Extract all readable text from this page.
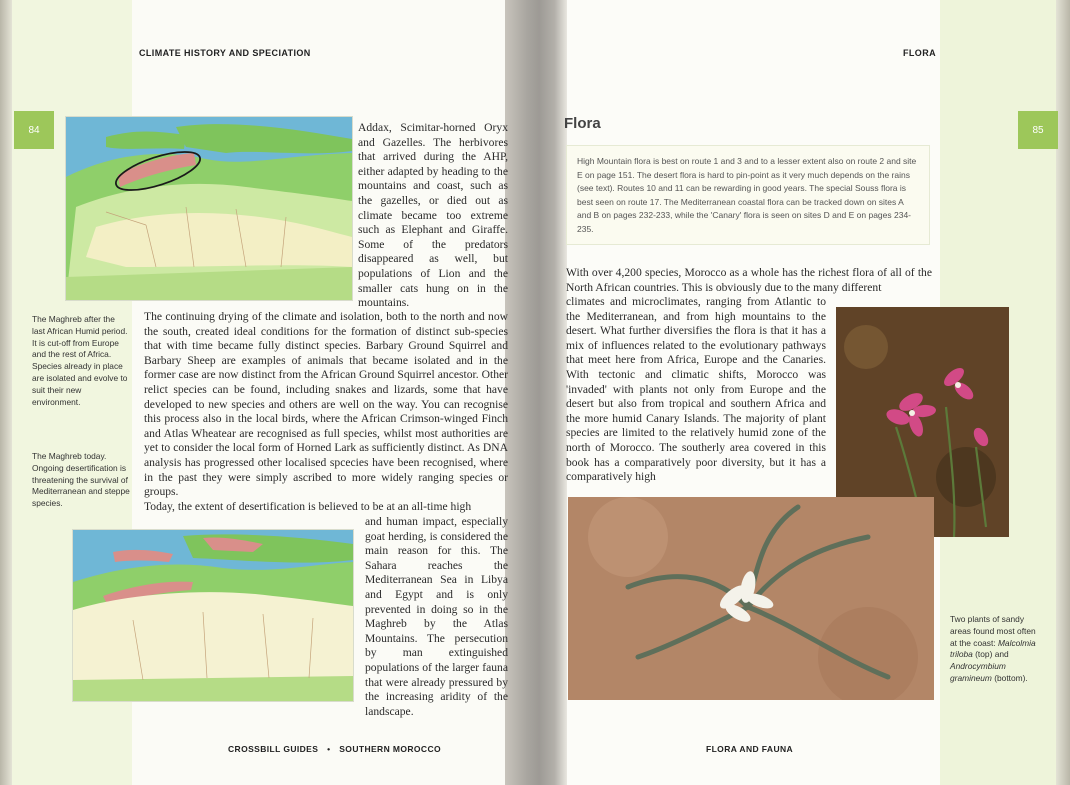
CLIMATE HISTORY AND SPECIATION
84	Addax, Scimitar-horned Oryx and Gazelles. The herbivores that arrived during the AHP, either adapted by heading to the mountains and coast, such as the gazelles, or died out as climate became too extreme such as Elephant and Giraffe. Some of the predators disappeared as well, but populations of Lion and the smaller cats hung on in the mountains.
The Maghreb after the last African Humid period. It is cut-off from Europe and the rest of Africa. Species already in place are isolated and evolve to suit their new environment.
The Maghreb today. Ongoing desertification is threatening the survival of Mediterranean and steppe species.
The continuing drying of the climate and isolation, both to the north and now the south, created ideal conditions for the formation of distinct sub-species that with time became fully distinct species. Barbary Ground Squirrel and Barbary Sheep are examples of animals that became isolated and in the former case are now distinct from the African Ground Squirrel ancestor. Other relict species can be found, including snakes and lizards, some that have developed to new species and others are well on the way. You can recognise this process also in the local birds, where the African Crimson-winged Finch and Atlas Wheatear are recognised as full species, whilst most authorities are yet to consider the local form of Horned Lark as sufficiently distinct. As DNA analysis has progressed other localised spcecies have been recognised, where in the past they were simply ascribed to more widely ranging species or groups.
Today, the extent of desertification is believed to be at an all-time high
and human impact, especially goat herding, is considered the main reason for this. The Sahara reaches the Mediterranean Sea in Libya and Egypt and is only prevented in doing so in the Maghreb by the Atlas Mountains. The persecution by man extinguished populations of the larger fauna that were already pressured by the increasing aridity of the landscape.
CROSSBILL GUIDES • SOUTHERN MOROCCO
FLORA
85
Flora
High Mountain flora is best on route 1 and 3 and to a lesser extent also on route 2 and site E on page 151. The desert flora is hard to pin-point as it very much depends on the rains (see text). Routes 10 and 11 can be rewarding in good years. The special Souss flora is best seen on route 17. The Mediterranean coastal flora can be tracked down on sites A and B on pages 232-233, while the 'Canary' flora is seen on sites D and E on pages 234-235.
With over 4,200 species, Morocco as a whole has the richest flora of all of the North African countries. This is obviously due to the many different
climates and microclimates, ranging from Atlantic to the Mediterranean, and from high mountains to the desert. What further diversifies the flora is that it has a mix of influences related to the evolutionary pathways that meet here from Africa, Europe and the Canaries. With tectonic and climatic shifts, Morocco was 'invaded' with plants not only from Europe and the desert but also from tropical and southern Africa and the more humid Canary Islands. The majority of plant species are limited to the relatively humid zone of the north of Morocco. The southerly area covered in this book has a comparatively poor diversity, but it has a comparatively high
Two plants of sandy areas found most often at the coast: Malcolmia triloba (top) and Androcymbium gramineum (bottom).
FLORA AND FAUNA
